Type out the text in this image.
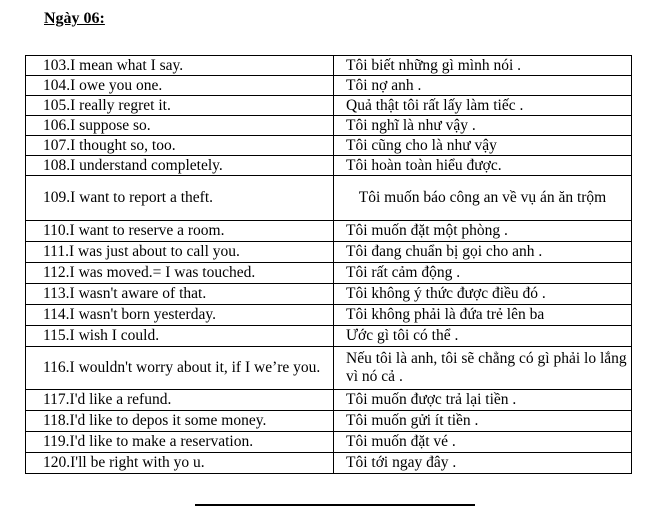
Ngày 06:
103.I mean what I say.	Tôi biết những gì mình nói .
104.I owe you one.	Tôi nợ anh .
105.I really regret it.	Quả thật tôi rất lấy làm tiếc .
106.I suppose so.	Tôi nghĩ là như vậy .
107.I thought so, too.	Tôi cũng cho là như vậy
108.I understand completely.	Tôi hoàn toàn hiểu được.
109.I want to report a theft.	Tôi muốn báo công an về vụ án ăn trộm
110.I want to reserve a room.	Tôi muốn đặt một phòng .
111.I was just about to call you.	Tôi đang chuẩn bị gọi cho anh .
112.I was moved.= I was touched.	Tôi rất cảm động .
113.I wasn't aware of that.	Tôi không ý thức được điều đó .
114.I wasn't born yesterday.	Tôi không phải là đứa trẻ lên ba
115.I wish I could.	Ước gì tôi có thể .
116.I wouldn't worry about it, if I we’re you.	Nếu tôi là anh, tôi sẽ chẳng có gì phải lo lắng vì nó cả .
117.I'd like a refund.	Tôi muốn được trả lại tiền .
118.I'd like to depos it some money.	Tôi muốn gửi ít tiền .
119.I'd like to make a reservation.	Tôi muốn đặt vé .
120.I'll be right with yo u.	Tôi tới ngay đây .
